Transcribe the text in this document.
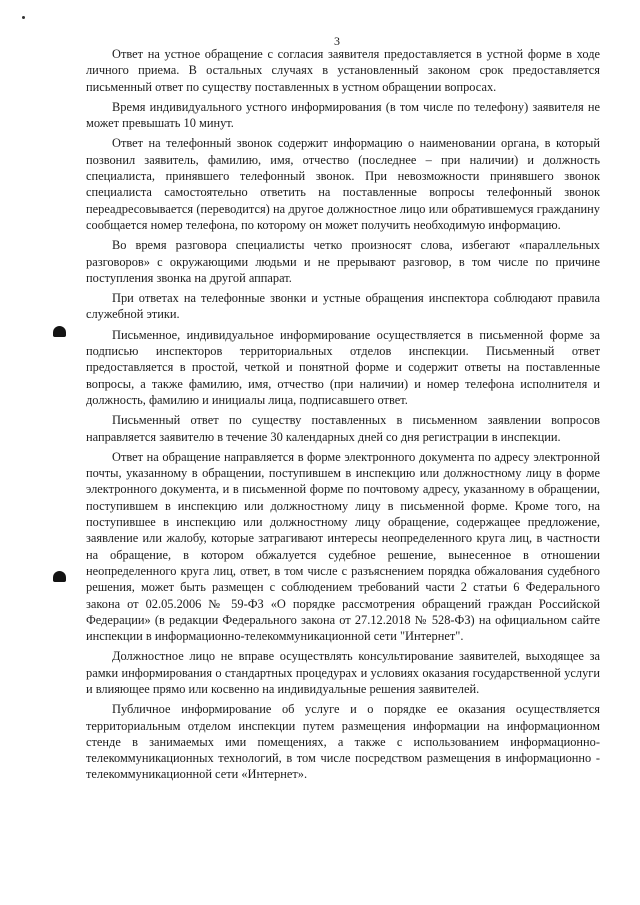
3

Ответ на устное обращение с согласия заявителя предоставляется в устной форме в ходе личного приема. В остальных случаях в установленный законом срок предоставляется письменный ответ по существу поставленных в устном обращении вопросах.

Время индивидуального устного информирования (в том числе по телефону) заявителя не может превышать 10 минут.

Ответ на телефонный звонок содержит информацию о наименовании органа, в который позвонил заявитель, фамилию, имя, отчество (последнее – при наличии) и должность специалиста, принявшего телефонный звонок. При невозможности принявшего звонок специалиста самостоятельно ответить на поставленные вопросы телефонный звонок переадресовывается (переводится) на другое должностное лицо или обратившемуся гражданину сообщается номер телефона, по которому он может получить необходимую информацию.

Во время разговора специалисты четко произносят слова, избегают «параллельных разговоров» с окружающими людьми и не прерывают разговор, в том числе по причине поступления звонка на другой аппарат.

При ответах на телефонные звонки и устные обращения инспектора соблюдают правила служебной этики.

Письменное, индивидуальное информирование осуществляется в письменной форме за подписью инспекторов территориальных отделов инспекции. Письменный ответ предоставляется в простой, четкой и понятной форме и содержит ответы на поставленные вопросы, а также фамилию, имя, отчество (при наличии) и номер телефона исполнителя и должность, фамилию и инициалы лица, подписавшего ответ.

Письменный ответ по существу поставленных в письменном заявлении вопросов направляется заявителю в течение 30 календарных дней со дня регистрации в инспекции.

Ответ на обращение направляется в форме электронного документа по адресу электронной почты, указанному в обращении, поступившем в инспекцию или должностному лицу в форме электронного документа, и в письменной форме по почтовому адресу, указанному в обращении, поступившем в инспекцию или должностному лицу в письменной форме. Кроме того, на поступившее в инспекцию или должностному лицу обращение, содержащее предложение, заявление или жалобу, которые затрагивают интересы неопределенного круга лиц, в частности на обращение, в котором обжалуется судебное решение, вынесенное в отношении неопределенного круга лиц, ответ, в том числе с разъяснением порядка обжалования судебного решения, может быть размещен с соблюдением требований части 2 статьи 6 Федерального закона от 02.05.2006 № 59-ФЗ «О порядке рассмотрения обращений граждан Российской Федерации» (в редакции Федерального закона от 27.12.2018 № 528-ФЗ) на официальном сайте инспекции в информационно-телекоммуникационной сети "Интернет".

Должностное лицо не вправе осуществлять консультирование заявителей, выходящее за рамки информирования о стандартных процедурах и условиях оказания государственной услуги и влияющее прямо или косвенно на индивидуальные решения заявителей.

Публичное информирование об услуге и о порядке ее оказания осуществляется территориальным отделом инспекции путем размещения информации на информационном стенде в занимаемых ими помещениях, а также с использованием информационно-телекоммуникационных технологий, в том числе посредством размещения в информационно - телекоммуникационной сети «Интернет».
